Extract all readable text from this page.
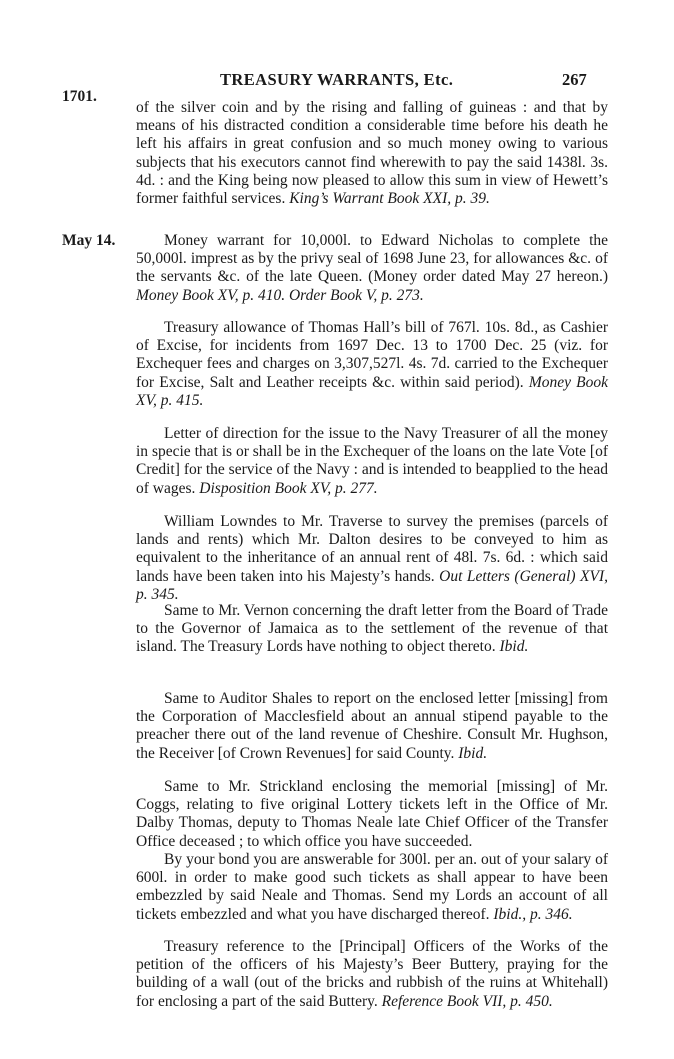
TREASURY WARRANTS, Etc.	267
1701.
of the silver coin and by the rising and falling of guineas : and that by means of his distracted condition a considerable time before his death he left his affairs in great confusion and so much money owing to various subjects that his executors cannot find wherewith to pay the said 1438l. 3s. 4d. : and the King being now pleased to allow this sum in view of Hewett’s former faithful services. King’s Warrant Book XXI, p. 39.
May 14.	Money warrant for 10,000l. to Edward Nicholas to complete the 50,000l. imprest as by the privy seal of 1698 June 23, for allowances &c. of the servants &c. of the late Queen. (Money order dated May 27 hereon.) Money Book XV, p. 410. Order Book V, p. 273.
Treasury allowance of Thomas Hall’s bill of 767l. 10s. 8d., as Cashier of Excise, for incidents from 1697 Dec. 13 to 1700 Dec. 25 (viz. for Exchequer fees and charges on 3,307,527l. 4s. 7d. carried to the Exchequer for Excise, Salt and Leather receipts &c. within said period). Money Book XV, p. 415.
Letter of direction for the issue to the Navy Treasurer of all the money in specie that is or shall be in the Exchequer of the loans on the late Vote [of Credit] for the service of the Navy : and is intended to beapplied to the head of wages. Disposition Book XV, p. 277.
William Lowndes to Mr. Traverse to survey the premises (parcels of lands and rents) which Mr. Dalton desires to be conveyed to him as equivalent to the inheritance of an annual rent of 48l. 7s. 6d. : which said lands have been taken into his Majesty’s hands. Out Letters (General) XVI, p. 345.
Same to Mr. Vernon concerning the draft letter from the Board of Trade to the Governor of Jamaica as to the settlement of the revenue of that island. The Treasury Lords have nothing to object thereto. Ibid.
Same to Auditor Shales to report on the enclosed letter [missing] from the Corporation of Macclesfield about an annual stipend payable to the preacher there out of the land revenue of Cheshire. Consult Mr. Hughson, the Receiver [of Crown Revenues] for said County. Ibid.
Same to Mr. Strickland enclosing the memorial [missing] of Mr. Coggs, relating to five original Lottery tickets left in the Office of Mr. Dalby Thomas, deputy to Thomas Neale late Chief Officer of the Transfer Office deceased ; to which office you have succeeded.
By your bond you are answerable for 300l. per an. out of your salary of 600l. in order to make good such tickets as shall appear to have been embezzled by said Neale and Thomas. Send my Lords an account of all tickets embezzled and what you have discharged thereof. Ibid., p. 346.
Treasury reference to the [Principal] Officers of the Works of the petition of the officers of his Majesty’s Beer Buttery, praying for the building of a wall (out of the bricks and rubbish of the ruins at Whitehall) for enclosing a part of the said Buttery. Reference Book VII, p. 450.
